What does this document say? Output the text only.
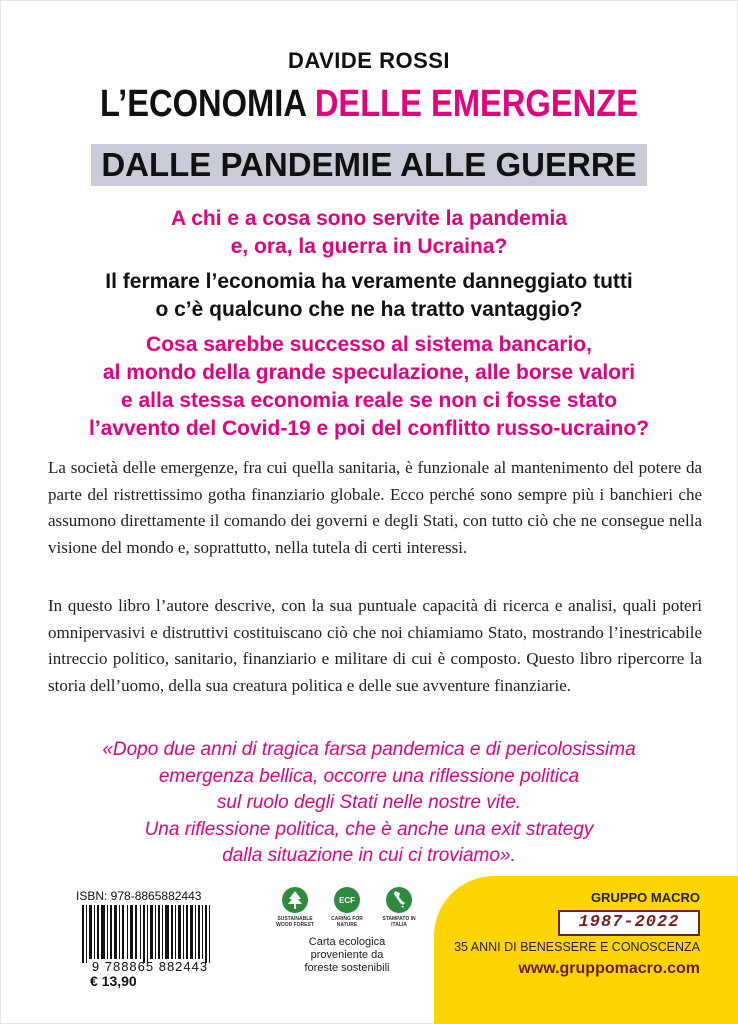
DAVIDE ROSSI
L’ECONOMIA DELLE EMERGENZE
DALLE PANDEMIE ALLE GUERRE
A chi e a cosa sono servite la pandemia
e, ora, la guerra in Ucraina?
Il fermare l’economia ha veramente danneggiato tutti
o c’è qualcuno che ne ha tratto vantaggio?
Cosa sarebbe successo al sistema bancario,
al mondo della grande speculazione, alle borse valori
e alla stessa economia reale se non ci fosse stato
l’avvento del Covid-19 e poi del conflitto russo-ucraino?

La società delle emergenze, fra cui quella sanitaria, è funzionale al mantenimento del potere da parte del ristrettissimo gotha finanziario globale. Ecco perché sono sempre più i banchieri che assumono direttamente il comando dei governi e degli Stati, con tutto ciò che ne consegue nella visione del mondo e, soprattutto, nella tutela di certi interessi.

In questo libro l’autore descrive, con la sua puntuale capacità di ricerca e analisi, quali poteri omnipervasivi e distruttivi costituiscano ciò che noi chiamiamo Stato, mostrando l’inestricabile intreccio politico, sanitario, finanziario e militare di cui è composto. Questo libro ripercorre la storia dell’uomo, della sua creatura politica e delle sue avventure finanziarie.

«Dopo due anni di tragica farsa pandemica e di pericolosissima
emergenza bellica, occorre una riflessione politica
sul ruolo degli Stati nelle nostre vite.
Una riflessione politica, che è anche una exit strategy
dalla situazione in cui ci troviamo».
ISBN: 978-8865882443
9 788865 882443
€ 13,90
SUSTAINABLE WOOD FOREST
ECF
CARING FOR NATURE
STAMPATO IN ITALIA
Carta ecologica
proveniente da
foreste sostenibili
GRUPPO MACRO
1987-2022
35 ANNI DI BENESSERE E CONOSCENZA
www.gruppomacro.com
